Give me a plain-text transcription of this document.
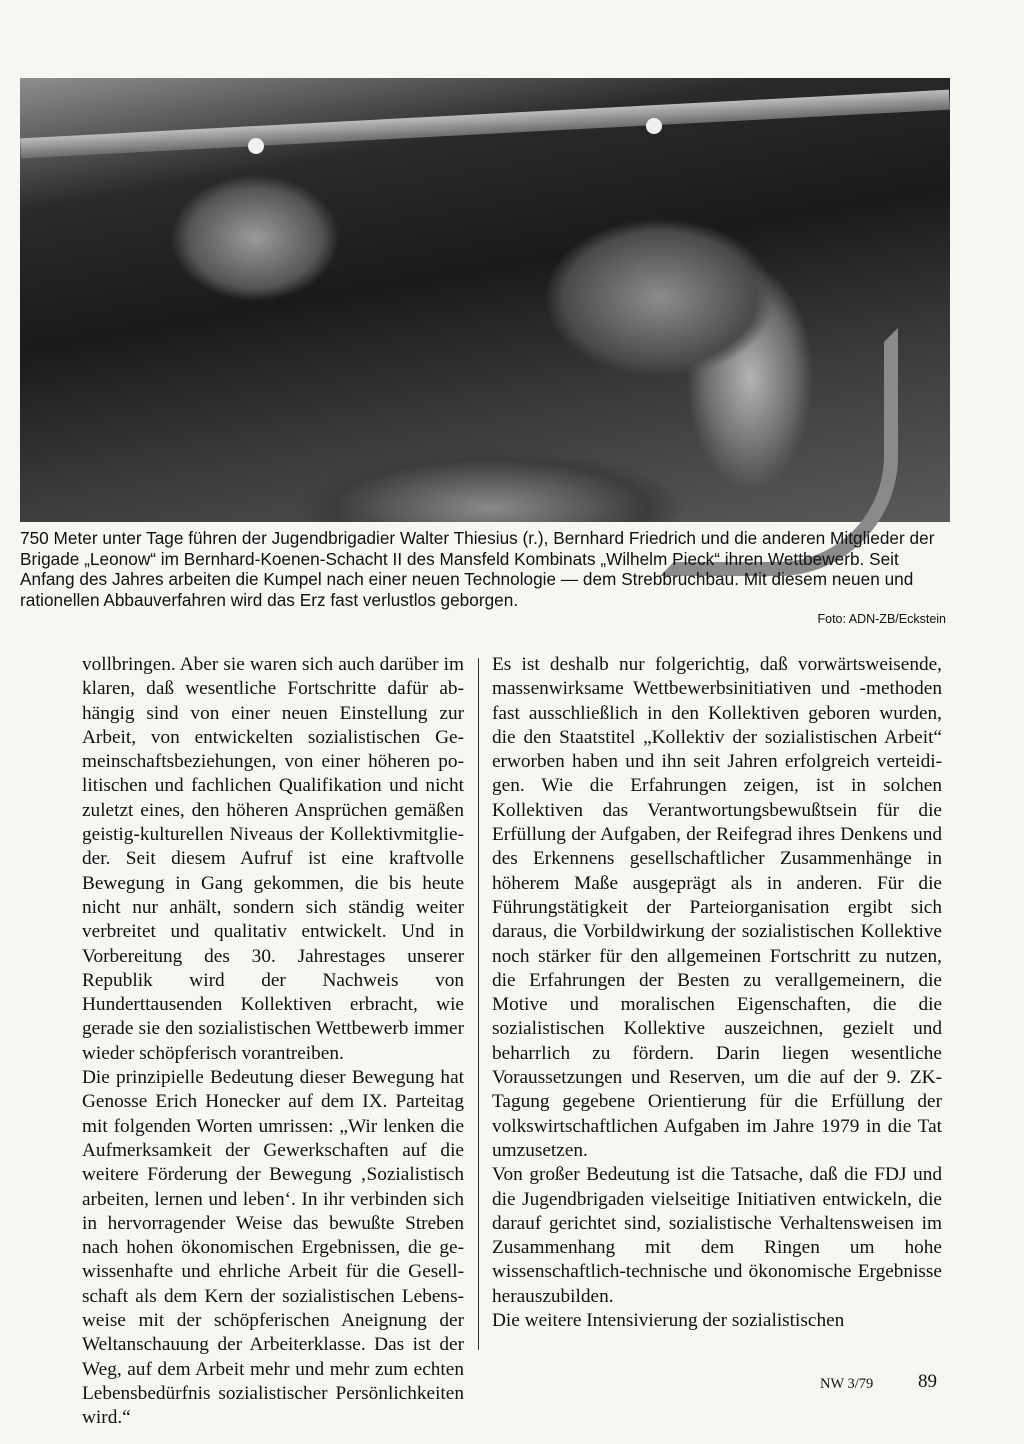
750 Meter unter Tage führen der Jugendbrigadier Walter Thiesius (r.), Bernhard Friedrich und die anderen Mitglieder der Brigade „Leonow“ im Bernhard-Koenen-Schacht II des Mansfeld Kombinats „Wilhelm Pieck“ ihren Wettbewerb. Seit Anfang des Jahres arbeiten die Kumpel nach einer neuen Technologie — dem Strebbruchbau. Mit diesem neuen und rationellen Abbauverfahren wird das Erz fast verlustlos geborgen.

Foto: ADN-ZB/Eckstein

vollbringen. Aber sie waren sich auch darüber im klaren, daß wesentliche Fortschritte dafür abhängig sind von einer neuen Einstellung zur Arbeit, von entwickelten sozialistischen Gemeinschaftsbeziehungen, von einer höheren politischen und fachlichen Qualifikation und nicht zuletzt eines, den höheren Ansprüchen gemäßen geistig-kulturellen Niveaus der Kollektivmitglieder. Seit diesem Aufruf ist eine kraftvolle Bewegung in Gang gekommen, die bis heute nicht nur anhält, sondern sich ständig weiter verbreitet und qualitativ entwickelt. Und in Vorbereitung des 30. Jahrestages unserer Republik wird der Nachweis von Hunderttausenden Kollektiven erbracht, wie gerade sie den sozialistischen Wettbewerb immer wieder schöpferisch vorantreiben.

Die prinzipielle Bedeutung dieser Bewegung hat Genosse Erich Honecker auf dem IX. Parteitag mit folgenden Worten umrissen: „Wir lenken die Aufmerksamkeit der Gewerkschaften auf die weitere Förderung der Bewegung ‚Sozialistisch arbeiten, lernen und leben‘. In ihr verbinden sich in hervorragender Weise das bewußte Streben nach hohen ökonomischen Ergebnissen, die gewissenhafte und ehrliche Arbeit für die Gesellschaft als dem Kern der sozialistischen Lebensweise mit der schöpferischen Aneignung der Weltanschauung der Arbeiterklasse. Das ist der Weg, auf dem Arbeit mehr und mehr zum echten Lebensbedürfnis sozialistischer Persönlichkeiten wird.“

Es ist deshalb nur folgerichtig, daß vorwärtsweisende, massenwirksame Wettbewerbsinitiativen und -methoden fast ausschließlich in den Kollektiven geboren wurden, die den Staatstitel „Kollektiv der sozialistischen Arbeit“ erworben haben und ihn seit Jahren erfolgreich verteidigen. Wie die Erfahrungen zeigen, ist in solchen Kollektiven das Verantwortungsbewußtsein für die Erfüllung der Aufgaben, der Reifegrad ihres Denkens und des Erkennens gesellschaftlicher Zusammenhänge in höherem Maße ausgeprägt als in anderen. Für die Führungstätigkeit der Parteiorganisation ergibt sich daraus, die Vorbildwirkung der sozialistischen Kollektive noch stärker für den allgemeinen Fortschritt zu nutzen, die Erfahrungen der Besten zu verallgemeinern, die Motive und moralischen Eigenschaften, die die sozialistischen Kollektive auszeichnen, gezielt und beharrlich zu fördern. Darin liegen wesentliche Voraussetzungen und Reserven, um die auf der 9. ZK-Tagung gegebene Orientierung für die Erfüllung der volkswirtschaftlichen Aufgaben im Jahre 1979 in die Tat umzusetzen.

Von großer Bedeutung ist die Tatsache, daß die FDJ und die Jugendbrigaden vielseitige Initiativen entwickeln, die darauf gerichtet sind, sozialistische Verhaltensweisen im Zusammenhang mit dem Ringen um hohe wissenschaftlich-technische und ökonomische Ergebnisse herauszubilden.

Die weitere Intensivierung der sozialistischen

NW 3/79 89
